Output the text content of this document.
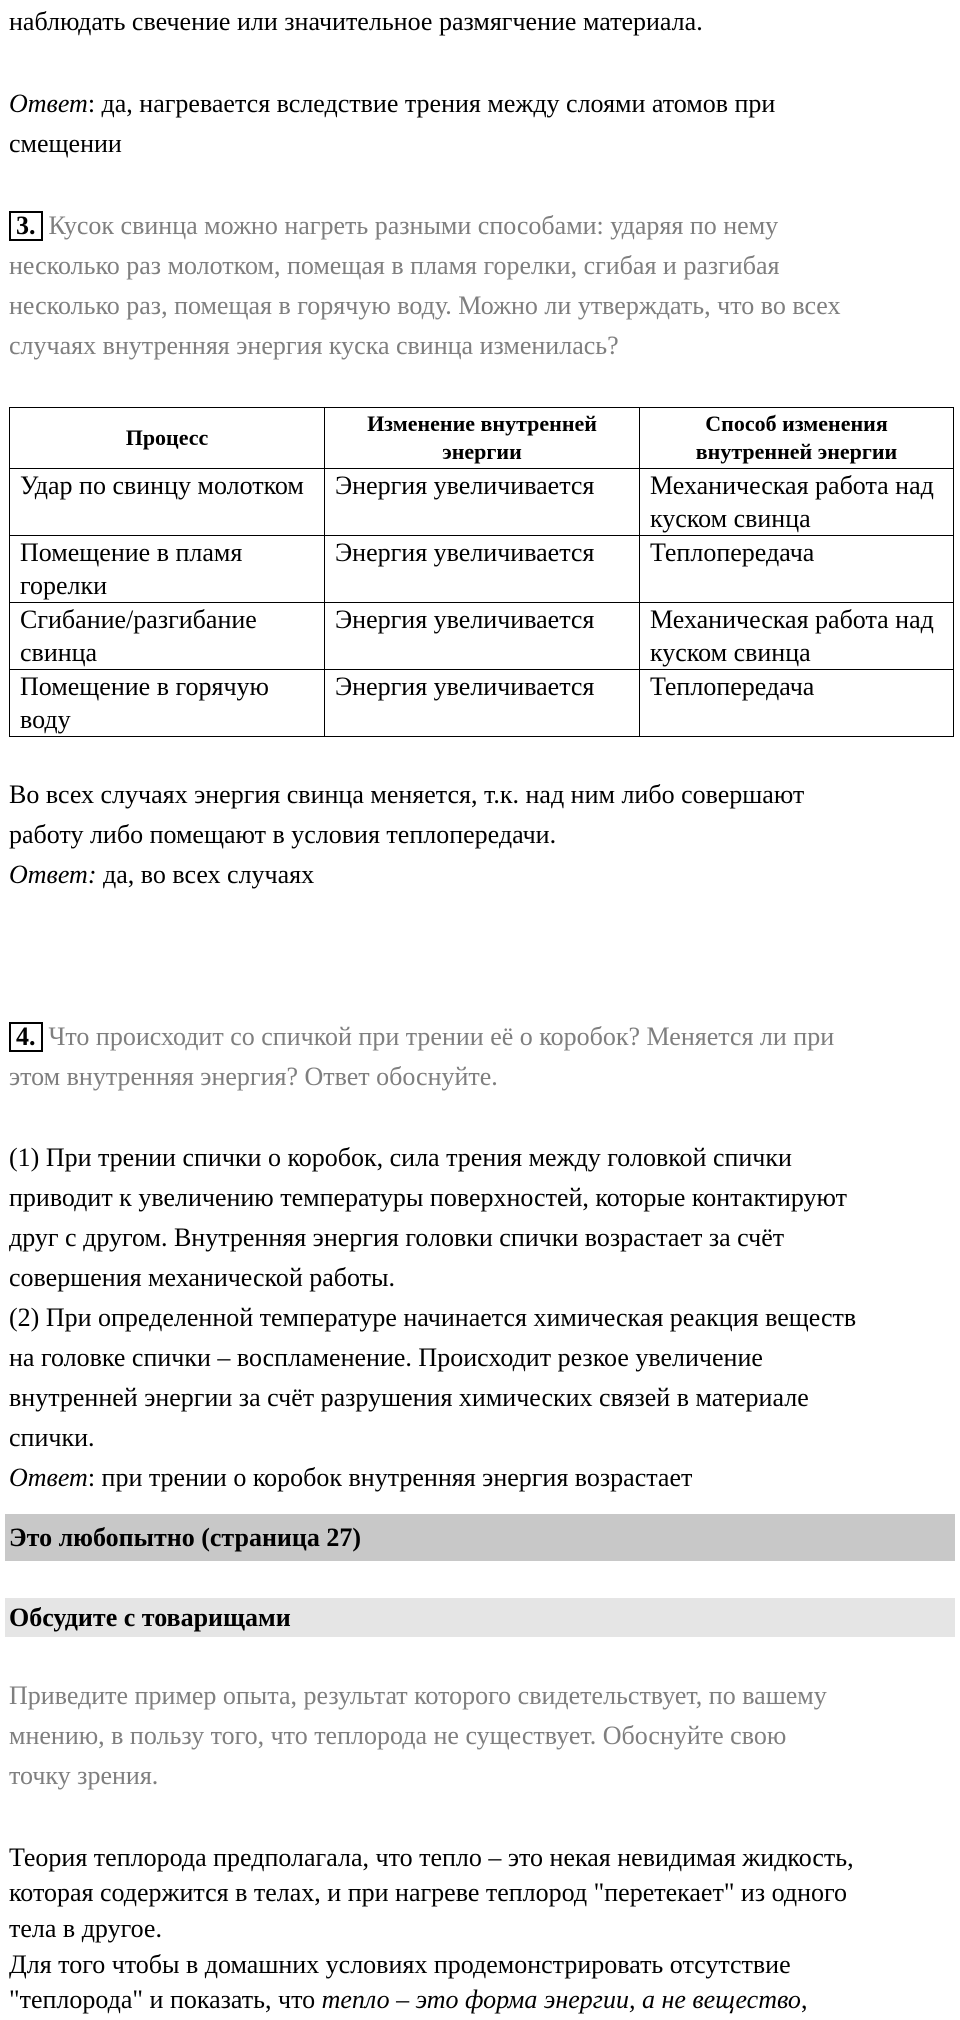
наблюдать свечение или значительное размягчение материала.
Ответ: да, нагревается вследствие трения между слоями атомов при
смещении
3. Кусок свинца можно нагреть разными способами: ударяя по нему
несколько раз молотком, помещая в пламя горелки, сгибая и разгибая
несколько раз, помещая в горячую воду. Можно ли утверждать, что во всех
случаях внутренняя энергия куска свинца изменилась?
Процесс	Изменение внутренней энергии	Способ изменения внутренней энергии
Удар по свинцу молотком	Энергия увеличивается	Механическая работа над куском свинца
Помещение в пламя горелки	Энергия увеличивается	Теплопередача
Сгибание/разгибание свинца	Энергия увеличивается	Механическая работа над куском свинца
Помещение в горячую воду	Энергия увеличивается	Теплопередача
Во всех случаях энергия свинца меняется, т.к. над ним либо совершают
работу либо помещают в условия теплопередачи.
Ответ: да, во всех случаях
4. Что происходит со спичкой при трении её о коробок? Меняется ли при
этом внутренняя энергия? Ответ обоснуйте.
(1) При трении спички о коробок, сила трения между головкой спички
приводит к увеличению температуры поверхностей, которые контактируют
друг с другом. Внутренняя энергия головки спички возрастает за счёт
совершения механической работы.
(2) При определенной температуре начинается химическая реакция веществ
на головке спички – воспламенение. Происходит резкое увеличение
внутренней энергии за счёт разрушения химических связей в материале
спички.
Ответ: при трении о коробок внутренняя энергия возрастает
Это любопытно (страница 27)
Обсудите с товарищами
Приведите пример опыта, результат которого свидетельствует, по вашему
мнению, в пользу того, что теплорода не существует. Обоснуйте свою
точку зрения.
Теория теплорода предполагала, что тепло – это некая невидимая жидкость,
которая содержится в телах, и при нагреве теплород "перетекает" из одного
тела в другое.
Для того чтобы в домашних условиях продемонстрировать отсутствие
"теплорода" и показать, что тепло – это форма энергии, а не вещество,
